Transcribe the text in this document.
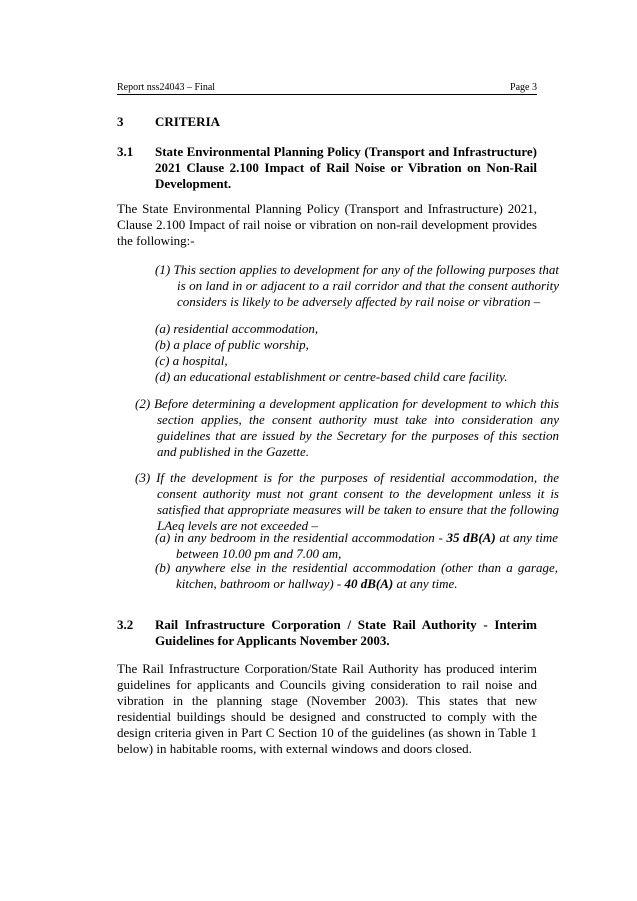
Report nss24043 – Final	Page 3
3 CRITERIA
3.1 State Environmental Planning Policy (Transport and Infrastructure) 2021 Clause 2.100 Impact of Rail Noise or Vibration on Non-Rail Development.

The State Environmental Planning Policy (Transport and Infrastructure) 2021, Clause 2.100 Impact of rail noise or vibration on non-rail development provides the following:-

(1) This section applies to development for any of the following purposes that is on land in or adjacent to a rail corridor and that the consent authority considers is likely to be adversely affected by rail noise or vibration –

(a) residential accommodation,
(b) a place of public worship,
(c) a hospital,
(d) an educational establishment or centre-based child care facility.

(2) Before determining a development application for development to which this section applies, the consent authority must take into consideration any guidelines that are issued by the Secretary for the purposes of this section and published in the Gazette.

(3) If the development is for the purposes of residential accommodation, the consent authority must not grant consent to the development unless it is satisfied that appropriate measures will be taken to ensure that the following LAeq levels are not exceeded –

(a) in any bedroom in the residential accommodation - 35 dB(A) at any time between 10.00 pm and 7.00 am,

(b) anywhere else in the residential accommodation (other than a garage, kitchen, bathroom or hallway) - 40 dB(A) at any time.

3.2 Rail Infrastructure Corporation / State Rail Authority - Interim Guidelines for Applicants November 2003.

The Rail Infrastructure Corporation/State Rail Authority has produced interim guidelines for applicants and Councils giving consideration to rail noise and vibration in the planning stage (November 2003). This states that new residential buildings should be designed and constructed to comply with the design criteria given in Part C Section 10 of the guidelines (as shown in Table 1 below) in habitable rooms, with external windows and doors closed.
